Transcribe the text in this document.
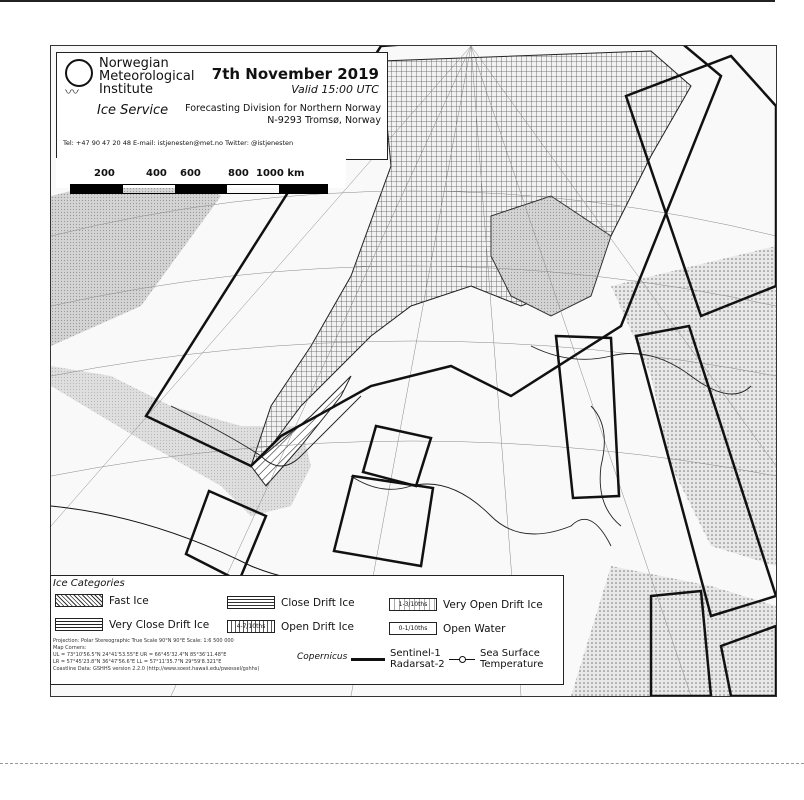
〰
Norwegian
Meteorological
Institute
7th November 2019
Valid 15:00 UTC
Ice Service Forecasting Division for Northern Norway
N-9293 Tromsø, Norway
Tel: +47 90 47 20 48 E-mail: istjenesten@met.no Twitter: @istjenesten
200	400 600	800 1000 km
Ice Categories
Fast Ice
Very Close Drift Ice
Close Drift Ice
4-7/10ths	Open Drift Ice
1-3/10ths	Very Open Drift Ice
0-1/10ths	Open Water
Projection: Polar Stereographic True Scale 90°N 90°E Scale: 1:6 500 000
Map Corners:
UL = 73°10'56.5"N 24°41'53.55"E UR = 66°45'32.4"N 85°36'11.48"E
LR = 57°45'23.8"N 36°47'56.6"E LL = 57°11'35.7"N 29°59'8.321"E
Coastline Data: GSHHS version 2.2.0 (http://www.soest.hawaii.edu/pwessel/gshhs)
Copernicus	Sentinel-1
Radarsat-2
Sea Surface
Temperature
